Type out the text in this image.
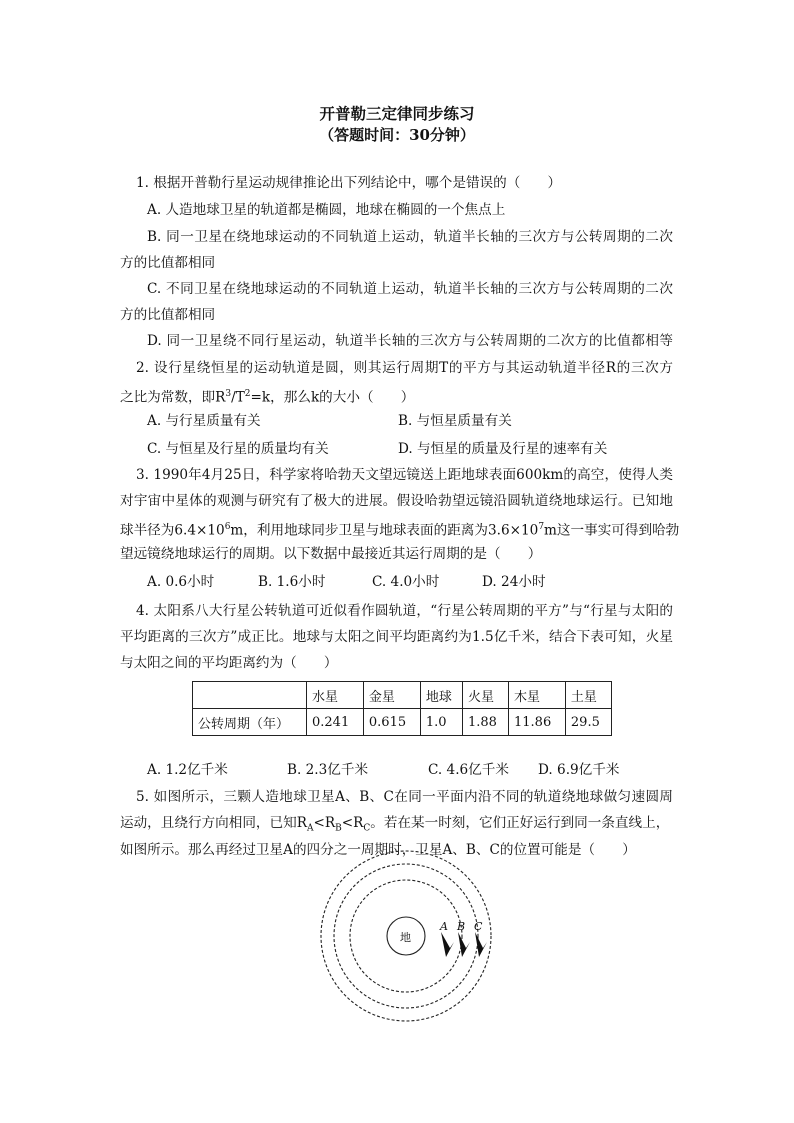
开普勒三定律同步练习
（答题时间：30分钟）
1. 根据开普勒行星运动规律推论出下列结论中，哪个是错误的（　　）
A. 人造地球卫星的轨道都是椭圆，地球在椭圆的一个焦点上
B. 同一卫星在绕地球运动的不同轨道上运动，轨道半长轴的三次方与公转周期的二次
方的比值都相同
C. 不同卫星在绕地球运动的不同轨道上运动，轨道半长轴的三次方与公转周期的二次
方的比值都相同
D. 同一卫星绕不同行星运动，轨道半长轴的三次方与公转周期的二次方的比值都相等
2. 设行星绕恒星的运动轨道是圆，则其运行周期T的平方与其运动轨道半径R的三次方
之比为常数，即$R^3/T^2=k$，那么k的大小（　　）
A. 与行星质量有关	B. 与恒星质量有关
C. 与恒星及行星的质量均有关	D. 与恒星的质量及行星的速率有关
3. 1990年4月25日，科学家将哈勃天文望远镜送上距地球表面600km的高空，使得人类
对宇宙中星体的观测与研究有了极大的进展。假设哈勃望远镜沿圆轨道绕地球运行。已知地
球半径为$6.4\times 10^6m$，利用地球同步卫星与地球表面的距离为$3.6\times 10^7m$这一事实可得到哈勃
望远镜绕地球运行的周期。以下数据中最接近其运行周期的是（　　）
A. 0.6小时	B. 1.6小时	C. 4.0小时	D. 24小时
4. 太阳系八大行星公转轨道可近似看作圆轨道，“行星公转周期的平方”与“行星与太阳的
平均距离的三次方”成正比。地球与太阳之间平均距离约为1.5亿千米，结合下表可知，火星
与太阳之间的平均距离约为（　　）
	水星	金星	地球	火星	木星	土星
公转周期（年）	0.241	0.615	1.0	1.88	11.86	29.5
A. 1.2亿千米	B. 2.3亿千米	C. 4.6亿千米 D. 6.9亿千米
5. 如图所示，三颗人造地球卫星A、B、C在同一平面内沿不同的轨道绕地球做匀速圆周
运动，且绕行方向相同，已知$R_A<R_B<R_C$。若在某一时刻，它们正好运行到同一条直线上，
如图所示。那么再经过卫星A的四分之一周期时，卫星A、B、C的位置可能是（　　）
地
A B C
